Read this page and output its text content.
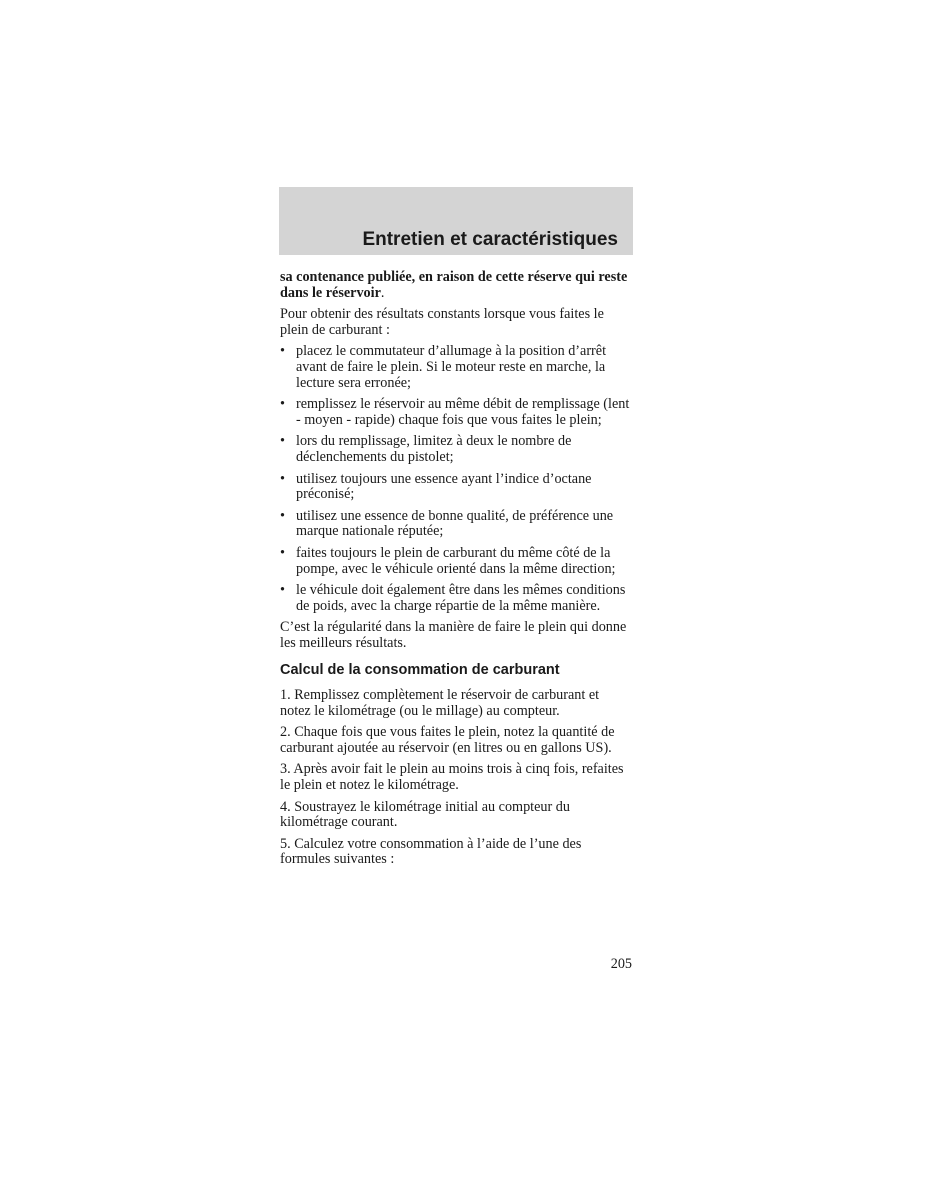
Entretien et caractéristiques

sa contenance publiée, en raison de cette réserve qui reste dans le réservoir.

Pour obtenir des résultats constants lorsque vous faites le plein de carburant :

• placez le commutateur d’allumage à la position d’arrêt avant de faire le plein. Si le moteur reste en marche, la lecture sera erronée;
• remplissez le réservoir au même débit de remplissage (lent - moyen - rapide) chaque fois que vous faites le plein;
• lors du remplissage, limitez à deux le nombre de déclenchements du pistolet;
• utilisez toujours une essence ayant l’indice d’octane préconisé;
• utilisez une essence de bonne qualité, de préférence une marque nationale réputée;
• faites toujours le plein de carburant du même côté de la pompe, avec le véhicule orienté dans la même direction;
• le véhicule doit également être dans les mêmes conditions de poids, avec la charge répartie de la même manière.

C’est la régularité dans la manière de faire le plein qui donne les meilleurs résultats.

Calcul de la consommation de carburant

1. Remplissez complètement le réservoir de carburant et notez le kilométrage (ou le millage) au compteur.

2. Chaque fois que vous faites le plein, notez la quantité de carburant ajoutée au réservoir (en litres ou en gallons US).

3. Après avoir fait le plein au moins trois à cinq fois, refaites le plein et notez le kilométrage.

4. Soustrayez le kilométrage initial au compteur du kilométrage courant.

5. Calculez votre consommation à l’aide de l’une des formules suivantes :

205
